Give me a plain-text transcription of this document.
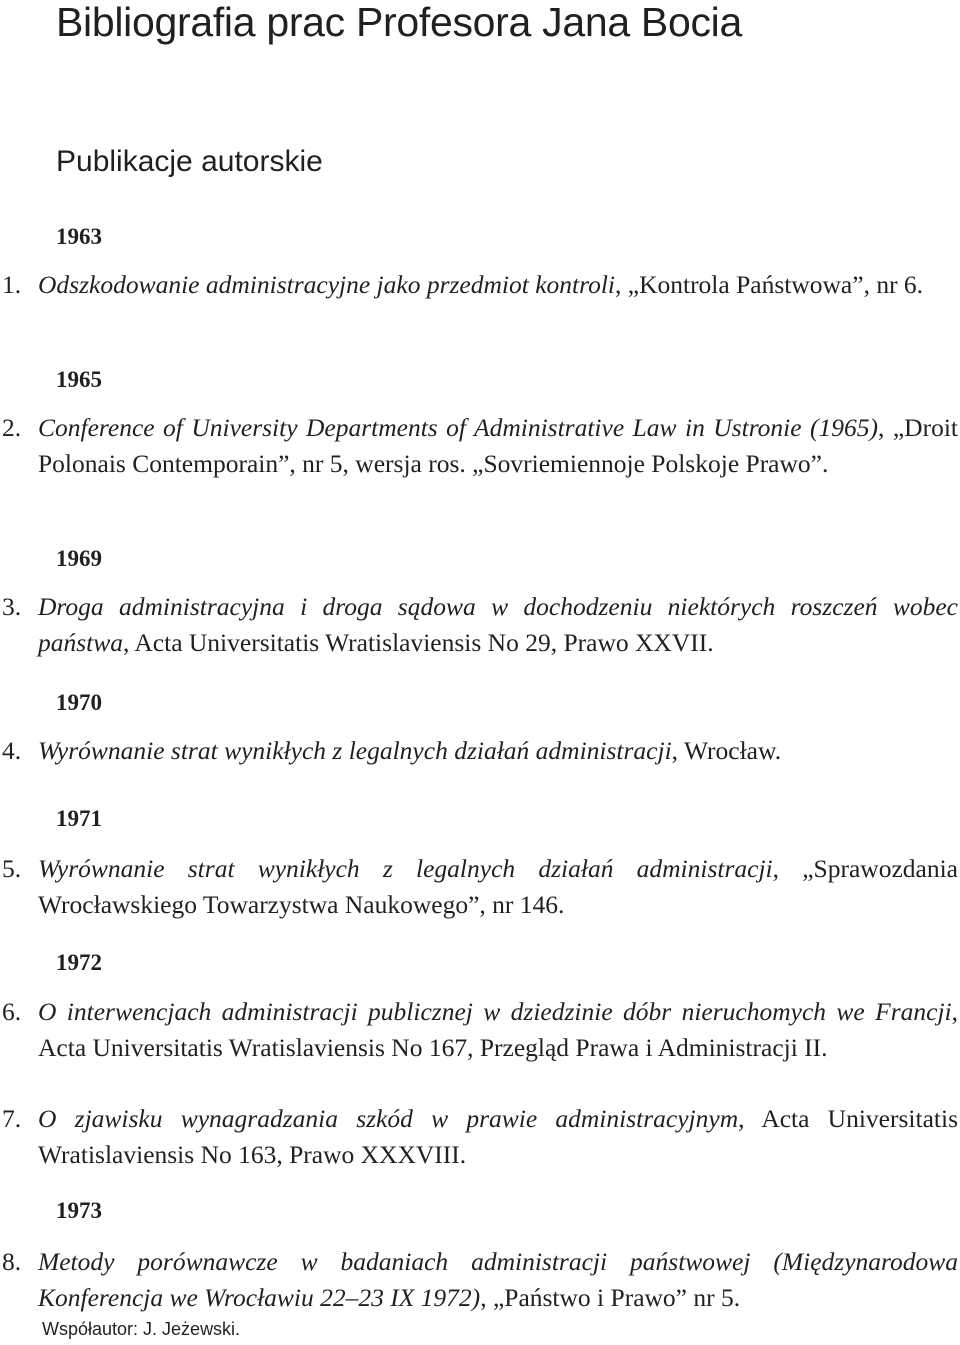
Bibliografia prac Profesora Jana Bocia
Publikacje autorskie
1963
1. Odszkodowanie administracyjne jako przedmiot kontroli, „Kontrola Państwowa”, nr 6.
1965
2. Conference of University Departments of Administrative Law in Ustronie (1965), „Droit Polonais Contemporain”, nr 5, wersja ros. „Sovriemiennoje Polskoje Prawo”.
1969
3. Droga administracyjna i droga sądowa w dochodzeniu niektórych roszczeń wobec państwa, Acta Universitatis Wratislaviensis No 29, Prawo XXVII.
1970
4. Wyrównanie strat wynikłych z legalnych działań administracji, Wrocław.
1971
5. Wyrównanie strat wynikłych z legalnych działań administracji, „Sprawozdania Wrocławskiego Towarzystwa Naukowego”, nr 146.
1972
6. O interwencjach administracji publicznej w dziedzinie dóbr nieruchomych we Francji, Acta Universitatis Wratislaviensis No 167, Przegląd Prawa i Administracji II.
7. O zjawisku wynagradzania szkód w prawie administracyjnym, Acta Universitatis Wratislaviensis No 163, Prawo XXXVIII.
1973
8. Metody porównawcze w badaniach administracji państwowej (Międzynarodowa Konferencja we Wrocławiu 22–23 IX 1972), „Państwo i Prawo” nr 5.
Współautor: J. Jeżewski.
